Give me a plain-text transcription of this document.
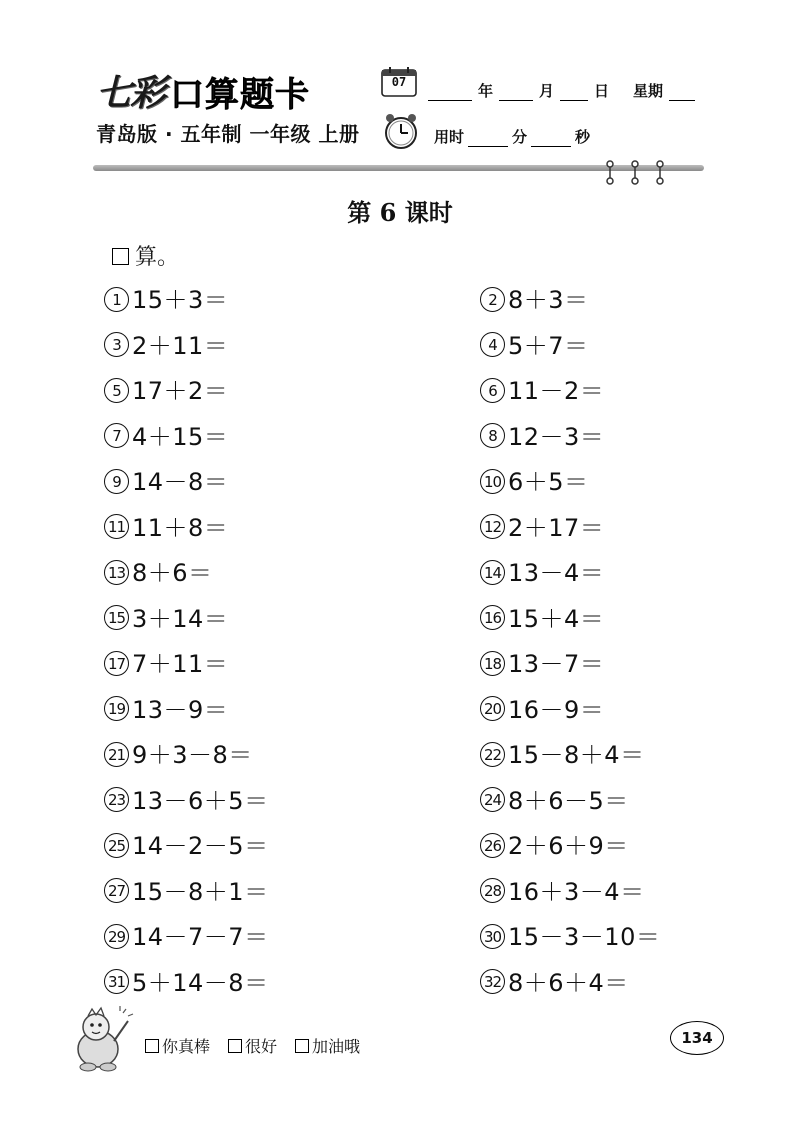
七彩 口算题卡	07	年	月	日 星期
青岛版 · 五年制 一年级 上册	用时	分	秒
第 6 课时
算。
1 15＋3＝	2 8＋3＝
3 2＋11＝	4 5＋7＝
5 17＋2＝	6 11－2＝
7 4＋15＝	8 12－3＝
9 14－8＝	10 6＋5＝
11 11＋8＝	12 2＋17＝
13 8＋6＝	14 13－4＝
15 3＋14＝	16 15＋4＝
17 7＋11＝	18 13－7＝
19 13－9＝	20 16－9＝
21 9＋3－8＝	22 15－8＋4＝
23 13－6＋5＝	24 8＋6－5＝
25 14－2－5＝	26 2＋6＋9＝
27 15－8＋1＝	28 16＋3－4＝
29 14－7－7＝	30 15－3－10＝
31 5＋14－8＝	32 8＋6＋4＝
你真棒 很好 加油哦	134
